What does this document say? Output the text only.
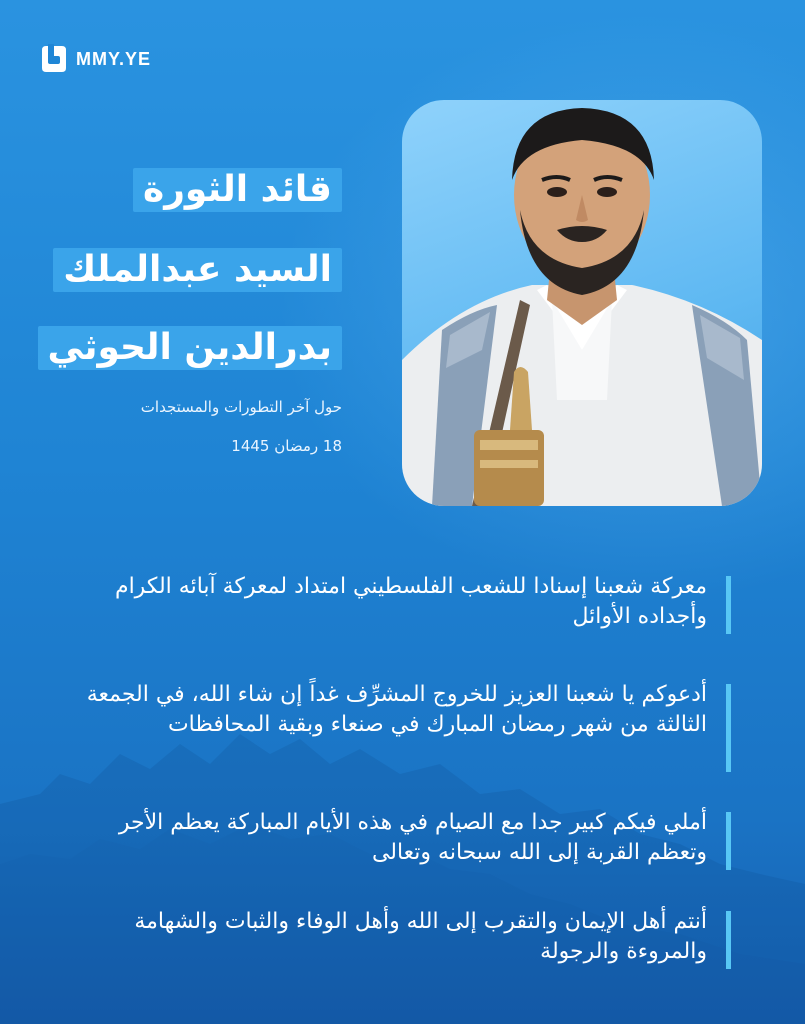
MMY.YE
قائد الثورة
السيد عبدالملك
بدرالدين الحوثي
حول آخر التطورات والمستجدات
18 رمضان 1445
معركة شعبنا إسنادا للشعب الفلسطيني امتداد لمعركة آبائه الكرام وأجداده الأوائل
أدعوكم يا شعبنا العزيز للخروج المشرِّف غداً إن شاء الله، في الجمعة الثالثة من شهر رمضان المبارك في صنعاء وبقية المحافظات
أملي فيكم كبير جدا مع الصيام في هذه الأيام المباركة يعظم الأجر وتعظم القربة إلى الله سبحانه وتعالى
أنتم أهل الإيمان والتقرب إلى الله وأهل الوفاء والثبات والشهامة والمروءة والرجولة
